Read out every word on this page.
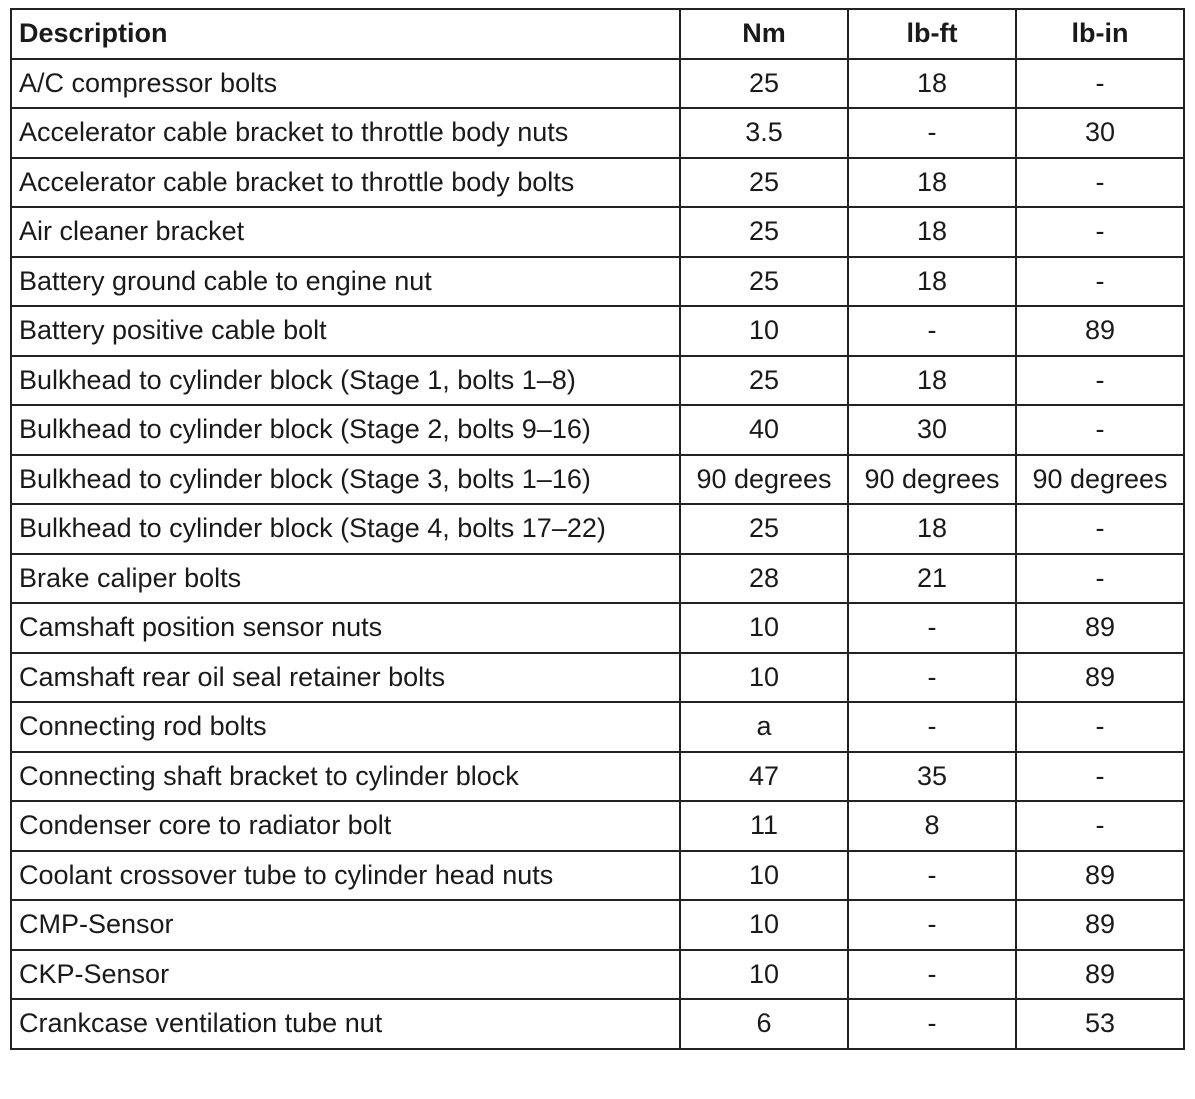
Description	Nm	lb-ft	lb-in
A/C compressor bolts	25	18	-
Accelerator cable bracket to throttle body nuts	3.5	-	30
Accelerator cable bracket to throttle body bolts	25	18	-
Air cleaner bracket	25	18	-
Battery ground cable to engine nut	25	18	-
Battery positive cable bolt	10	-	89
Bulkhead to cylinder block (Stage 1, bolts 1–8)	25	18	-
Bulkhead to cylinder block (Stage 2, bolts 9–16)	40	30	-
Bulkhead to cylinder block (Stage 3, bolts 1–16)	90 degrees	90 degrees	90 degrees
Bulkhead to cylinder block (Stage 4, bolts 17–22)	25	18	-
Brake caliper bolts	28	21	-
Camshaft position sensor nuts	10	-	89
Camshaft rear oil seal retainer bolts	10	-	89
Connecting rod bolts	a	-	-
Connecting shaft bracket to cylinder block	47	35	-
Condenser core to radiator bolt	11	8	-
Coolant crossover tube to cylinder head nuts	10	-	89
CMP-Sensor	10	-	89
CKP-Sensor	10	-	89
Crankcase ventilation tube nut	6	-	53
